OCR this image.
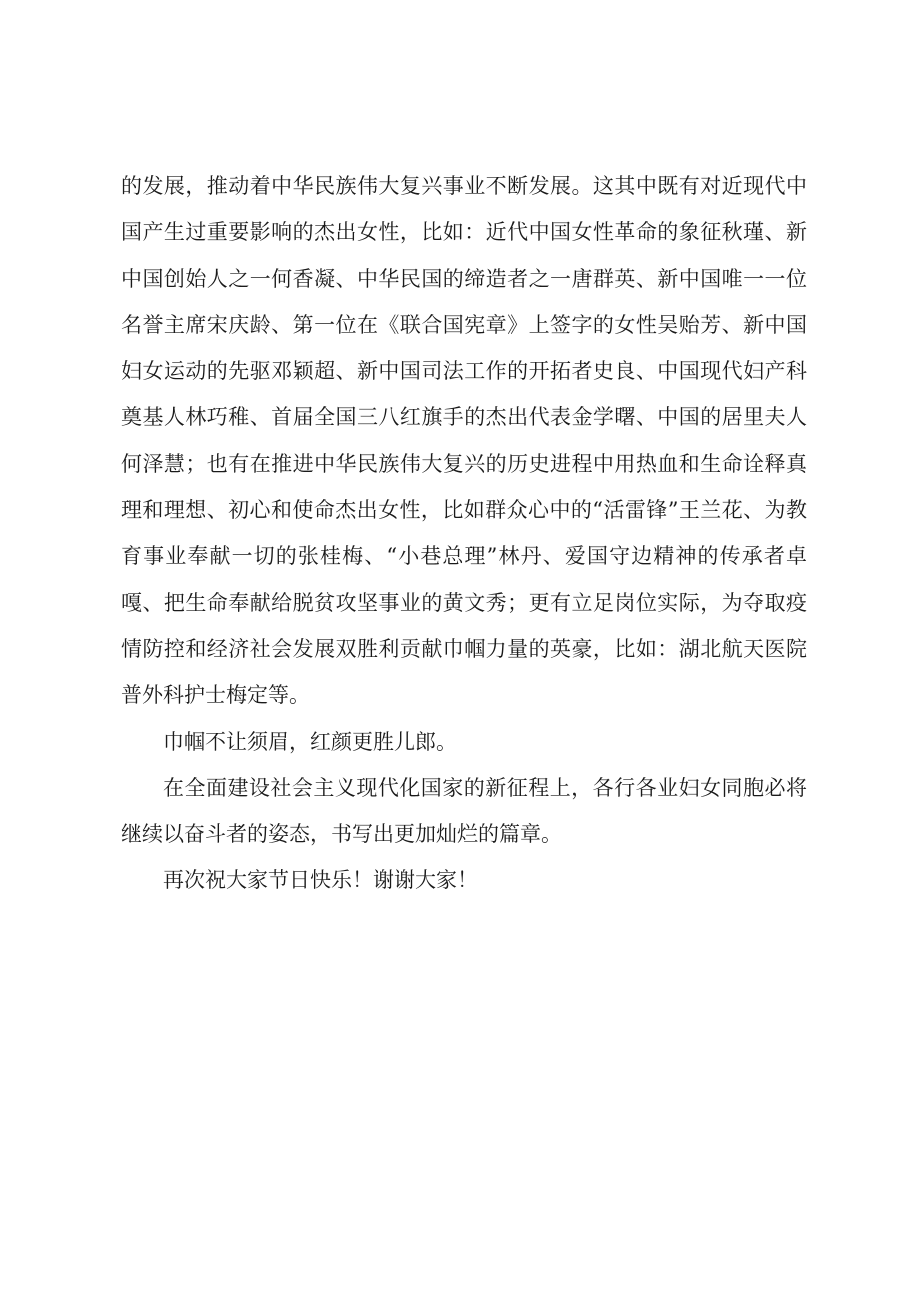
的发展，推动着中华民族伟大复兴事业不断发展。这其中既有对近现代中国产生过重要影响的杰出女性，比如：近代中国女性革命的象征秋瑾、新中国创始人之一何香凝、中华民国的缔造者之一唐群英、新中国唯一一位名誉主席宋庆龄、第一位在《联合国宪章》上签字的女性吴贻芳、新中国妇女运动的先驱邓颖超、新中国司法工作的开拓者史良、中国现代妇产科奠基人林巧稚、首届全国三八红旗手的杰出代表金学曙、中国的居里夫人何泽慧；也有在推进中华民族伟大复兴的历史进程中用热血和生命诠释真理和理想、初心和使命杰出女性，比如群众心中的“活雷锋”王兰花、为教育事业奉献一切的张桂梅、“小巷总理”林丹、爱国守边精神的传承者卓嘎、把生命奉献给脱贫攻坚事业的黄文秀；更有立足岗位实际，为夺取疫情防控和经济社会发展双胜利贡献巾帼力量的英豪，比如：湖北航天医院普外科护士梅定等。

巾帼不让须眉，红颜更胜儿郎。

在全面建设社会主义现代化国家的新征程上，各行各业妇女同胞必将继续以奋斗者的姿态，书写出更加灿烂的篇章。

再次祝大家节日快乐！谢谢大家！
